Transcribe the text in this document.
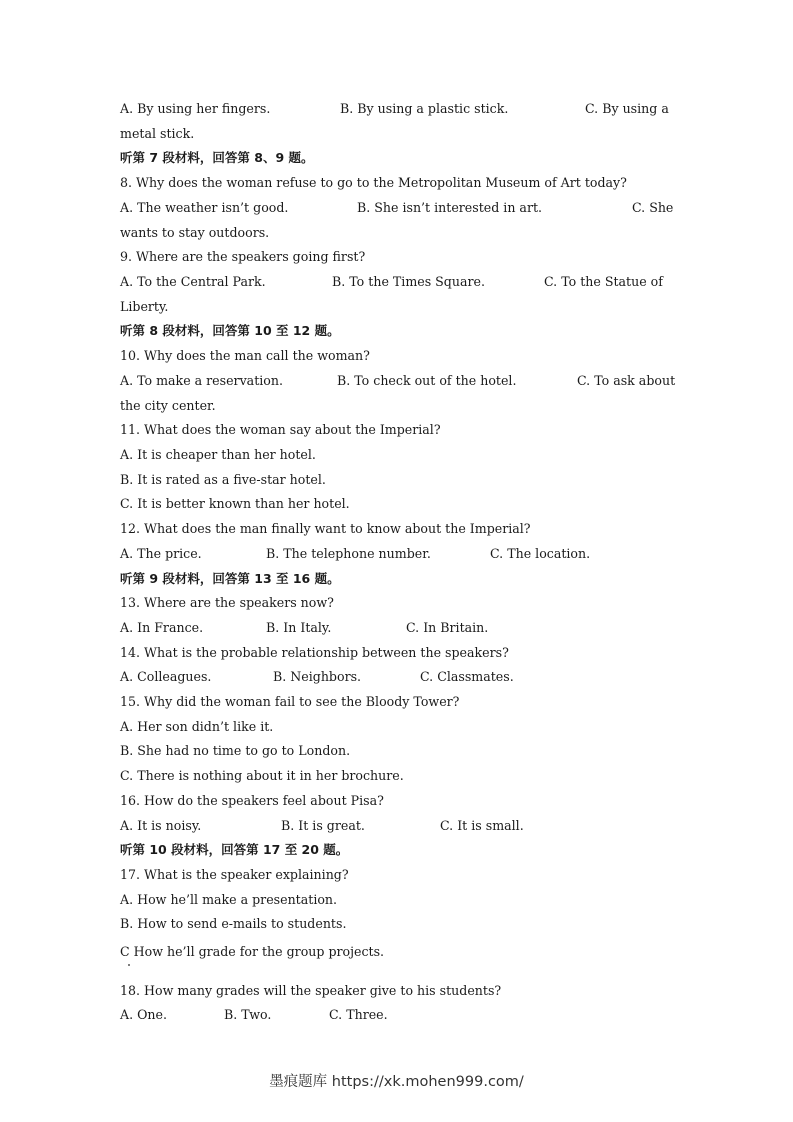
A. By using her fingers.	B. By using a plastic stick.	C. By using a
metal stick.
听第 7 段材料，回答第 8、9 题。
8. Why does the woman refuse to go to the Metropolitan Museum of Art today?
A. The weather isn’t good.	B. She isn’t interested in art.	C. She
wants to stay outdoors.
9. Where are the speakers going first?
A. To the Central Park.	B. To the Times Square.	C. To the Statue of
Liberty.
听第 8 段材料，回答第 10 至 12 题。
10. Why does the man call the woman?
A. To make a reservation.	B. To check out of the hotel.	C. To ask about
the city center.
11. What does the woman say about the Imperial?
A. It is cheaper than her hotel.
B. It is rated as a five-star hotel.
C. It is better known than her hotel.
12. What does the man finally want to know about the Imperial?
A. The price.	B. The telephone number.	C. The location.
听第 9 段材料，回答第 13 至 16 题。
13. Where are the speakers now?
A. In France.	B. In Italy.	C. In Britain.
14. What is the probable relationship between the speakers?
A. Colleagues.	B. Neighbors.	C. Classmates.
15. Why did the woman fail to see the Bloody Tower?
A. Her son didn’t like it.
B. She had no time to go to London.
C. There is nothing about it in her brochure.
16. How do the speakers feel about Pisa?
A. It is noisy.	B. It is great.	C. It is small.
听第 10 段材料，回答第 17 至 20 题。
17. What is the speaker explaining?
A. How he’ll make a presentation.
B. How to send e-mails to students.
C How he’ll grade for the group projects.
18. How many grades will the speaker give to his students?
A. One.	B. Two.	C. Three.
墨痕题库 https://xk.mohen999.com/
